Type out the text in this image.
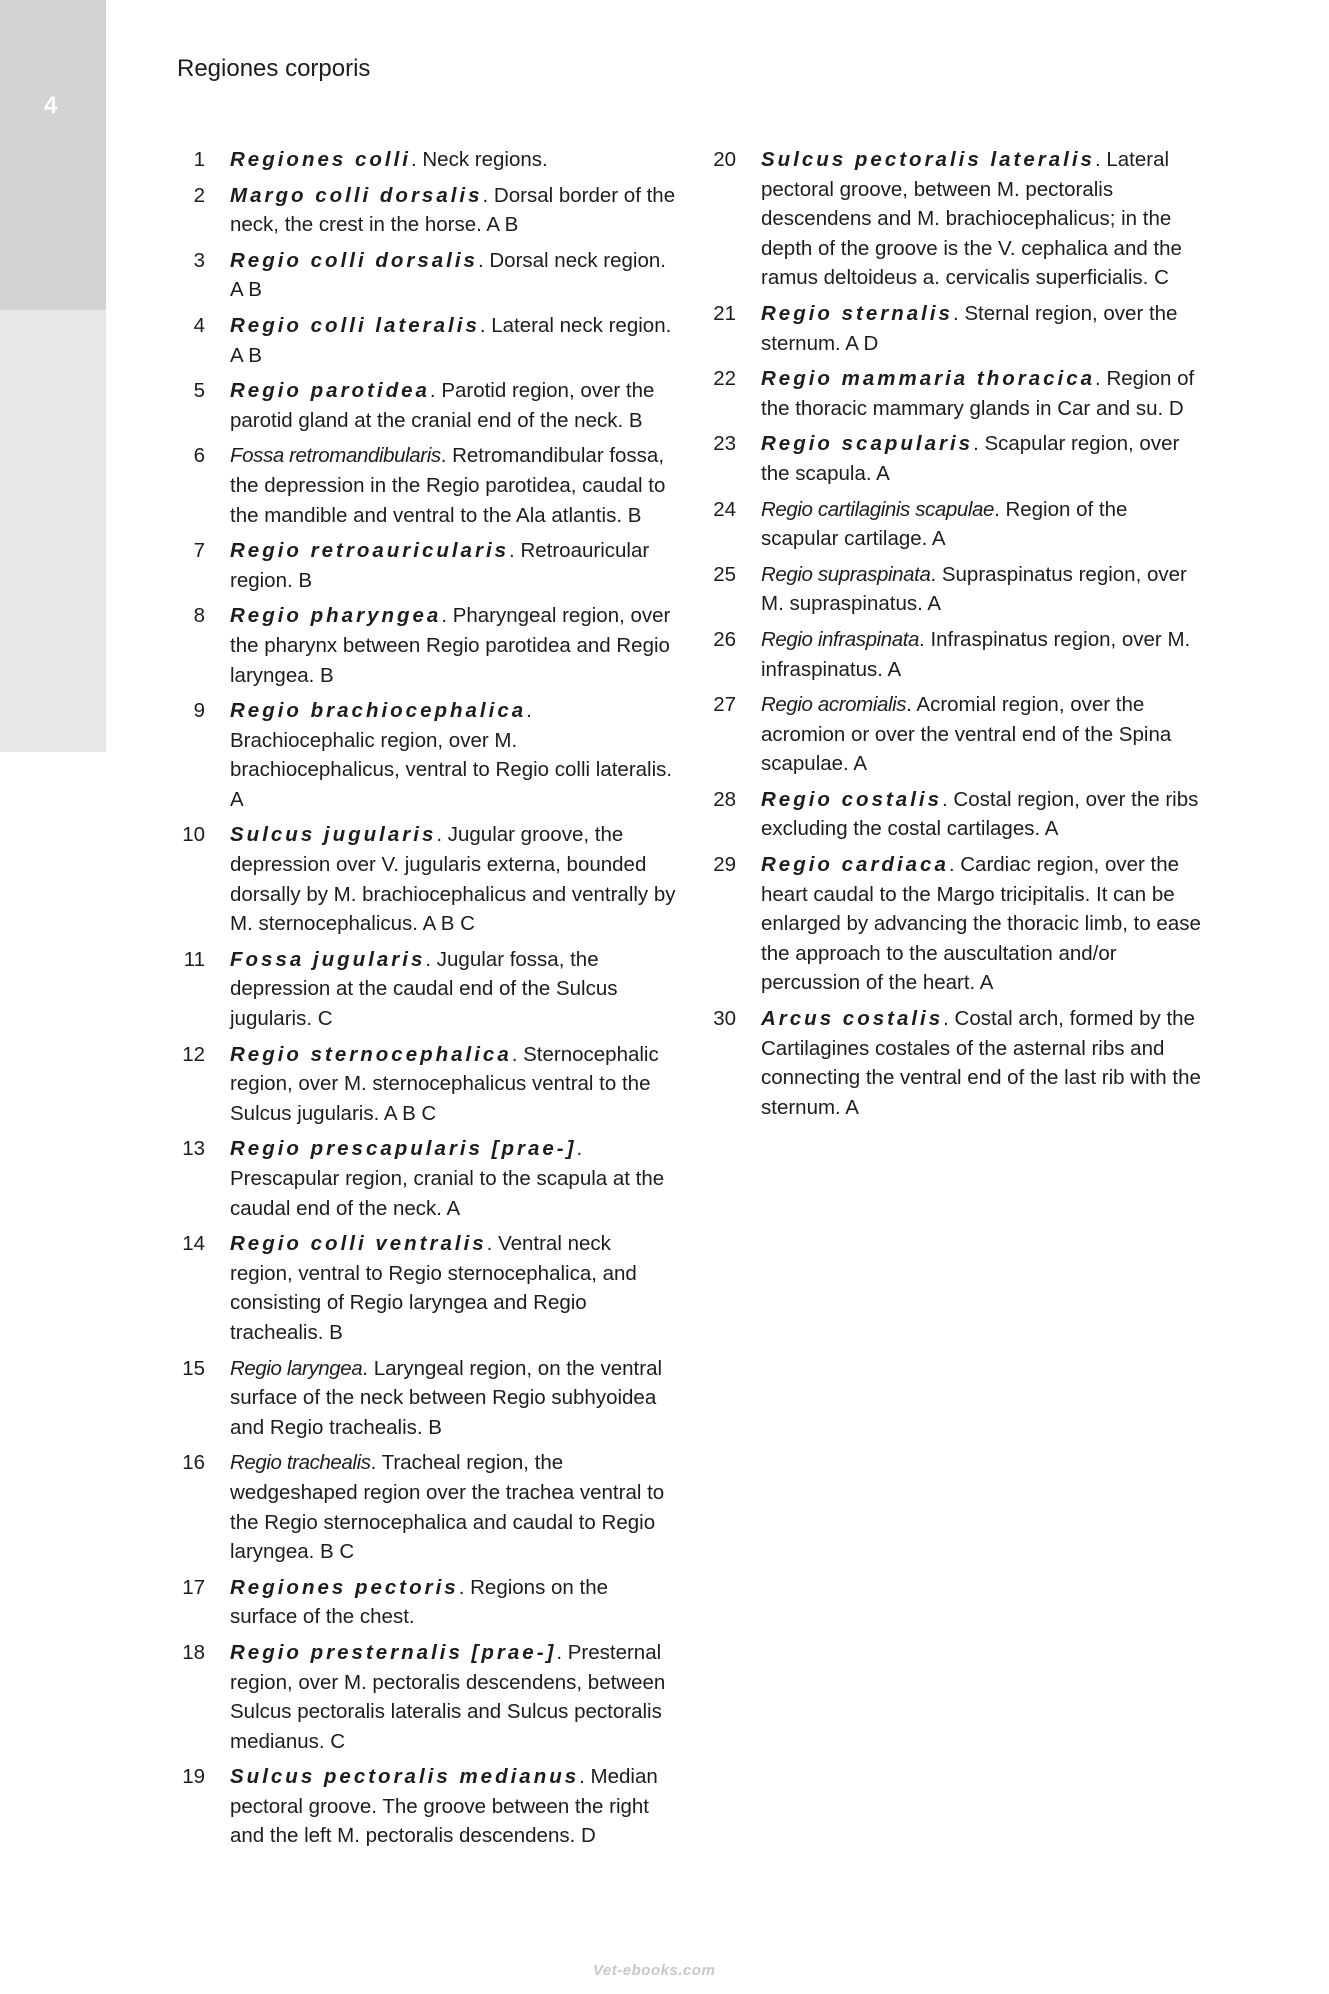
4
Regiones corporis
1 Regiones colli. Neck regions.
2 Margo colli dorsalis. Dorsal border of the neck, the crest in the horse. A B
3 Regio colli dorsalis. Dorsal neck region. A B
4 Regio colli lateralis. Lateral neck region. A B
5 Regio parotidea. Parotid region, over the parotid gland at the cranial end of the neck. B
6 Fossa retromandibularis. Retromandibular fossa, the depression in the Regio parotidea, caudal to the mandible and ventral to the Ala atlantis. B
7 Regio retroauricularis. Retroauricular region. B
8 Regio pharyngea. Pharyngeal region, over the pharynx between Regio parotidea and Regio laryngea. B
9 Regio brachiocephalica. Brachiocephalic region, over M. brachiocephalicus, ventral to Regio colli lateralis. A
10 Sulcus jugularis. Jugular groove, the depression over V. jugularis externa, bounded dorsally by M. brachiocephalicus and ventrally by M. sternocephalicus. A B C
11 Fossa jugularis. Jugular fossa, the depression at the caudal end of the Sulcus jugularis. C
12 Regio sternocephalica. Sternocephalic region, over M. sternocephalicus ventral to the Sulcus jugularis. A B C
13 Regio prescapularis [prae-]. Prescapular region, cranial to the scapula at the caudal end of the neck. A
14 Regio colli ventralis. Ventral neck region, ventral to Regio sternocephalica, and consisting of Regio laryngea and Regio trachealis. B
15 Regio laryngea. Laryngeal region, on the ventral surface of the neck between Regio subhyoidea and Regio trachealis. B
16 Regio trachealis. Tracheal region, the wedgeshaped region over the trachea ventral to the Regio sternocephalica and caudal to Regio laryngea. B C
17 Regiones pectoris. Regions on the surface of the chest.
18 Regio presternalis [prae-]. Presternal region, over M. pectoralis descendens, between Sulcus pectoralis lateralis and Sulcus pectoralis medianus. C
19 Sulcus pectoralis medianus. Median pectoral groove. The groove between the right and the left M. pectoralis descendens. D
20 Sulcus pectoralis lateralis. Lateral pectoral groove, between M. pectoralis descendens and M. brachiocephalicus; in the depth of the groove is the V. cephalica and the ramus deltoideus a. cervicalis superficialis. C
21 Regio sternalis. Sternal region, over the sternum. A D
22 Regio mammaria thoracica. Region of the thoracic mammary glands in Car and su. D
23 Regio scapularis. Scapular region, over the scapula. A
24 Regio cartilaginis scapulae. Region of the scapular cartilage. A
25 Regio supraspinata. Supraspinatus region, over M. supraspinatus. A
26 Regio infraspinata. Infraspinatus region, over M. infraspinatus. A
27 Regio acromialis. Acromial region, over the acromion or over the ventral end of the Spina scapulae. A
28 Regio costalis. Costal region, over the ribs excluding the costal cartilages. A
29 Regio cardiaca. Cardiac region, over the heart caudal to the Margo tricipitalis. It can be enlarged by advancing the thoracic limb, to ease the approach to the auscultation and/or percussion of the heart. A
30 Arcus costalis. Costal arch, formed by the Cartilagines costales of the asternal ribs and connecting the ventral end of the last rib with the sternum. A
Vet-ebooks.com
